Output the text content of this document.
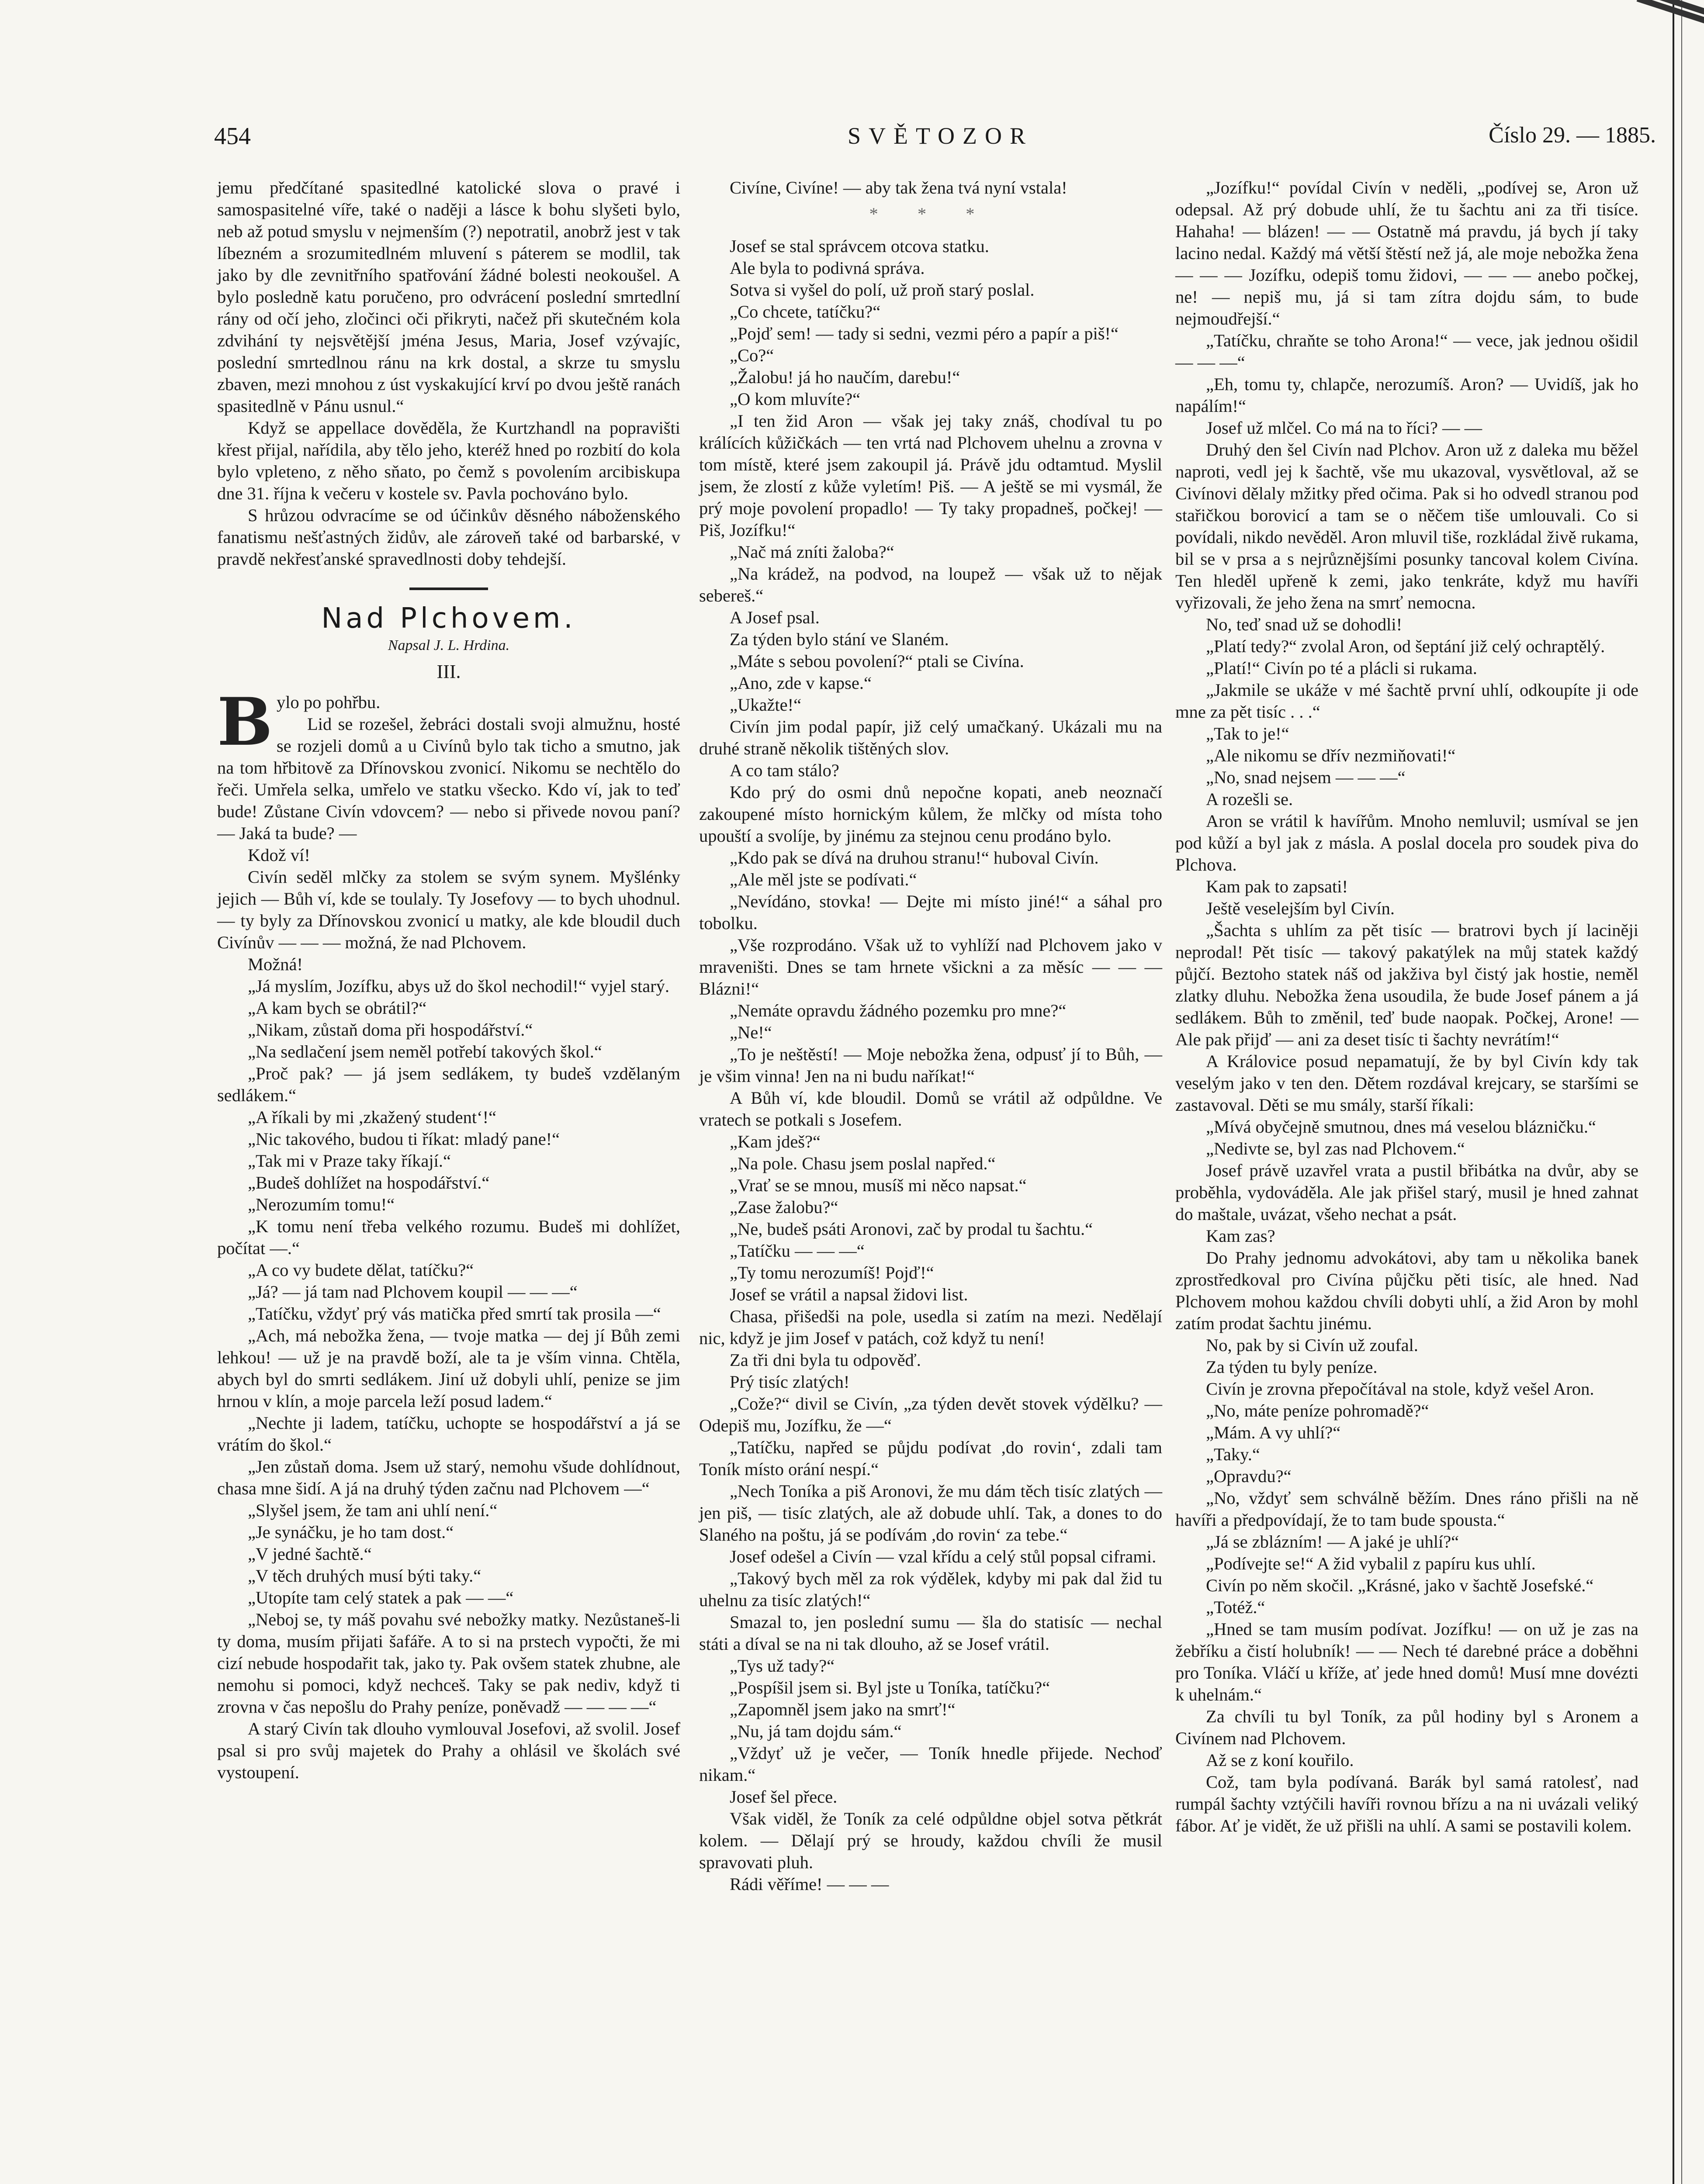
454	SVĚTOZOR	Číslo 29. — 1885.

jemu předčítané spasitedlné katolické slova o pravé i samospasitelné víře, také o naději a lásce k bohu slyšeti bylo, neb až potud smyslu v nejmenším (?) nepotratil, anobrž jest v tak líbezném a srozumitedlném mluvení s páterem se modlil, tak jako by dle zevnitřního spatřování žádné bolesti neokoušel. A bylo posledně katu poručeno, pro odvrácení poslední smrtedlní rány od očí jeho, zločinci oči přikryti, načež při skutečném kola zdvihání ty nejsvětější jména Jesus, Maria, Josef vzývajíc, poslední smrtedlnou ránu na krk dostal, a skrze tu smyslu zbaven, mezi mnohou z úst vyskakující krví po dvou ještě ranách spasitedlně v Pánu usnul.“

Když se appellace dověděla, že Kurtzhandl na popravišti křest přijal, nařídila, aby tělo jeho, kteréž hned po rozbití do kola bylo vpleteno, z něho sňato, po čemž s povolením arcibiskupa dne 31. října k večeru v kostele sv. Pavla pochováno bylo.

S hrůzou odvracíme se od účinkův děsného náboženského fanatismu nešťastných židův, ale zároveň také od barbarské, v pravdě nekřesťanské spravedlnosti doby tehdejší.

Nad Plchovem.
Napsal J. L. Hrdina.
III.

Bylo po pohřbu.

Lid se rozešel, žebráci dostali svoji almužnu, hosté se rozjeli domů a u Civínů bylo tak ticho a smutno, jak na tom hřbitově za Dřínovskou zvonicí. Nikomu se nechtělo do řeči. Umřela selka, umřelo ve statku všecko. Kdo ví, jak to teď bude! Zůstane Civín vdovcem? — nebo si přivede novou paní? — Jaká ta bude? —

Kdož ví!

Civín seděl mlčky za stolem se svým synem. Myšlénky jejich — Bůh ví, kde se toulaly. Ty Josefovy — to bych uhodnul. — ty byly za Dřínovskou zvonicí u matky, ale kde bloudil duch Civínův — — — možná, že nad Plchovem.

Možná!

„Já myslím, Jozífku, abys už do škol nechodil!“ vyjel starý.

„A kam bych se obrátil?“

„Nikam, zůstaň doma při hospodářství.“

„Na sedlačení jsem neměl potřebí takových škol.“

„Proč pak? — já jsem sedlákem, ty budeš vzdělaným sedlákem.“

„A říkali by mi ,zkažený student‘!“

„Nic takového, budou ti říkat: mladý pane!“

„Tak mi v Praze taky říkají.“

„Budeš dohlížet na hospodářství.“

„Nerozumím tomu!“

„K tomu není třeba velkého rozumu. Budeš mi dohlížet, počítat —.“

„A co vy budete dělat, tatíčku?“

„Já? — já tam nad Plchovem koupil — — —“

„Tatíčku, vždyť prý vás matička před smrtí tak prosila —“

„Ach, má nebožka žena, — tvoje matka — dej jí Bůh zemi lehkou! — už je na pravdě boží, ale ta je vším vinna. Chtěla, abych byl do smrti sedlákem. Jiní už dobyli uhlí, penize se jim hrnou v klín, a moje parcela leží posud ladem.“

„Nechte ji ladem, tatíčku, uchopte se hospodářství a já se vrátím do škol.“

„Jen zůstaň doma. Jsem už starý, nemohu všude dohlídnout, chasa mne šidí. A já na druhý týden začnu nad Plchovem —“

„Slyšel jsem, že tam ani uhlí není.“

„Je synáčku, je ho tam dost.“

„V jedné šachtě.“

„V těch druhých musí býti taky.“

„Utopíte tam celý statek a pak — —“

„Neboj se, ty máš povahu své nebožky matky. Nezůstaneš-li ty doma, musím přijati šafáře. A to si na prstech vypočti, že mi cizí nebude hospodařit tak, jako ty. Pak ovšem statek zhubne, ale nemohu si pomoci, když nechceš. Taky se pak nediv, když ti zrovna v čas nepošlu do Prahy peníze, poněvadž — — — —“

A starý Civín tak dlouho vymlouval Josefovi, až svolil. Josef psal si pro svůj majetek do Prahy a ohlásil ve školách své vystoupení.

Civíne, Civíne! — aby tak žena tvá nyní vstala!

* * *

Josef se stal správcem otcova statku.

Ale byla to podivná správa.

Sotva si vyšel do polí, už proň starý poslal.

„Co chcete, tatíčku?“

„Pojď sem! — tady si sedni, vezmi péro a papír a piš!“

„Co?“

„Žalobu! já ho naučím, darebu!“

„O kom mluvíte?“

„I ten žid Aron — však jej taky znáš, chodíval tu po králících kůžičkách — ten vrtá nad Plchovem uhelnu a zrovna v tom místě, které jsem zakoupil já. Právě jdu odtamtud. Myslil jsem, že zlostí z kůže vyletím! Piš. — A ještě se mi vysmál, že prý moje povolení propadlo! — Ty taky propadneš, počkej! — Piš, Jozífku!“

„Nač má zníti žaloba?“

„Na krádež, na podvod, na loupež — však už to nějak sebereš.“

A Josef psal.

Za týden bylo stání ve Slaném.

„Máte s sebou povolení?“ ptali se Civína.

„Ano, zde v kapse.“

„Ukažte!“

Civín jim podal papír, již celý umačkaný. Ukázali mu na druhé straně několik tištěných slov.

A co tam stálo?

Kdo prý do osmi dnů nepočne kopati, aneb neoznačí zakoupené místo hornickým kůlem, že mlčky od místa toho upouští a svolíje, by jinému za stejnou cenu prodáno bylo.

„Kdo pak se dívá na druhou stranu!“ huboval Civín.

„Ale měl jste se podívati.“

„Nevídáno, stovka! — Dejte mi místo jiné!“ a sáhal pro tobolku.

„Vše rozprodáno. Však už to vyhlíží nad Plchovem jako v mraveništi. Dnes se tam hrnete všickni a za měsíc — — — Blázni!“

„Nemáte opravdu žádného pozemku pro mne?“

„Ne!“

„To je neštěstí! — Moje nebožka žena, odpusť jí to Bůh, — je všim vinna! Jen na ni budu naříkat!“

A Bůh ví, kde bloudil. Domů se vrátil až odpůldne. Ve vratech se potkali s Josefem.

„Kam jdeš?“

„Na pole. Chasu jsem poslal napřed.“

„Vrať se se mnou, musíš mi něco napsat.“

„Zase žalobu?“

„Ne, budeš psáti Aronovi, zač by prodal tu šachtu.“

„Tatíčku — — —“

„Ty tomu nerozumíš! Pojď!“

Josef se vrátil a napsal židovi list.

Chasa, přišedši na pole, usedla si zatím na mezi. Nedělají nic, když je jim Josef v patách, což když tu není!

Za tři dni byla tu odpověď.

Prý tisíc zlatých!

„Cože?“ divil se Civín, „za týden devět stovek výdělku? — Odepiš mu, Jozífku, že —“

„Tatíčku, napřed se půjdu podívat ,do rovin‘, zdali tam Toník místo orání nespí.“

„Nech Toníka a piš Aronovi, že mu dám těch tisíc zlatých — jen piš, — tisíc zlatých, ale až dobude uhlí. Tak, a dones to do Slaného na poštu, já se podívám ,do rovin‘ za tebe.“

Josef odešel a Civín — vzal křídu a celý stůl popsal ciframi.

„Takový bych měl za rok výdělek, kdyby mi pak dal žid tu uhelnu za tisíc zlatých!“

Smazal to, jen poslední sumu — šla do statisíc — nechal státi a díval se na ni tak dlouho, až se Josef vrátil.

„Tys už tady?“

„Pospíšil jsem si. Byl jste u Toníka, tatíčku?“

„Zapomněl jsem jako na smrť!“

„Nu, já tam dojdu sám.“

„Vždyť už je večer, — Toník hnedle přijede. Nechoď nikam.“

Josef šel přece.

Však viděl, že Toník za celé odpůldne objel sotva pětkrát kolem. — Dělají prý se hroudy, každou chvíli že musil spravovati pluh.

Rádi věříme! — — —

„Jozífku!“ povídal Civín v neděli, „podívej se, Aron už odepsal. Až prý dobude uhlí, že tu šachtu ani za tři tisíce. Hahaha! — blázen! — — Ostatně má pravdu, já bych jí taky lacino nedal. Každý má větší štěstí než já, ale moje nebožka žena — — — Jozífku, odepiš tomu židovi, — — — anebo počkej, ne! — nepiš mu, já si tam zítra dojdu sám, to bude nejmoudřejší.“

„Tatíčku, chraňte se toho Arona!“ — vece, jak jednou ošidil — — —“

„Eh, tomu ty, chlapče, nerozumíš. Aron? — Uvidíš, jak ho napálím!“

Josef už mlčel. Co má na to říci? — —

Druhý den šel Civín nad Plchov. Aron už z daleka mu běžel naproti, vedl jej k šachtě, vše mu ukazoval, vysvětloval, až se Civínovi dělaly mžitky před očima. Pak si ho odvedl stranou pod stařičkou borovicí a tam se o něčem tiše umlouvali. Co si povídali, nikdo nevěděl. Aron mluvil tiše, rozkládal živě rukama, bil se v prsa a s nejrůznějšími posunky tancoval kolem Civína. Ten hleděl upřeně k zemi, jako tenkráte, když mu havíři vyřizovali, že jeho žena na smrť nemocna.

No, teď snad už se dohodli!

„Platí tedy?“ zvolal Aron, od šeptání již celý ochraptělý.

„Platí!“ Civín po té a plácli si rukama.

„Jakmile se ukáže v mé šachtě první uhlí, odkoupíte ji ode mne za pět tisíc . . .“

„Tak to je!“

„Ale nikomu se dřív nezmiňovati!“

„No, snad nejsem — — —“

A rozešli se.

Aron se vrátil k havířům. Mnoho nemluvil; usmíval se jen pod kůží a byl jak z másla. A poslal docela pro soudek piva do Plchova.

Kam pak to zapsati!

Ještě veselejším byl Civín.

„Šachta s uhlím za pět tisíc — bratrovi bych jí laciněji neprodal! Pět tisíc — takový pakatýlek na můj statek každý půjčí. Beztoho statek náš od jakživa byl čistý jak hostie, neměl zlatky dluhu. Nebožka žena usoudila, že bude Josef pánem a já sedlákem. Bůh to změnil, teď bude naopak. Počkej, Arone! — Ale pak přijď — ani za deset tisíc ti šachty nevrátím!“

A Královice posud nepamatují, že by byl Civín kdy tak veselým jako v ten den. Dětem rozdával krejcary, se staršími se zastavoval. Děti se mu smály, starší říkali:

„Mívá obyčejně smutnou, dnes má veselou blázničku.“

„Nedivte se, byl zas nad Plchovem.“

Josef právě uzavřel vrata a pustil břibátka na dvůr, aby se proběhla, vydováděla. Ale jak přišel starý, musil je hned zahnat do maštale, uvázat, všeho nechat a psát.

Kam zas?

Do Prahy jednomu advokátovi, aby tam u několika banek zprostředkoval pro Civína půjčku pěti tisíc, ale hned. Nad Plchovem mohou každou chvíli dobyti uhlí, a žid Aron by mohl zatím prodat šachtu jinému.

No, pak by si Civín už zoufal.

Za týden tu byly peníze.

Civín je zrovna přepočítával na stole, když vešel Aron.

„No, máte peníze pohromadě?“

„Mám. A vy uhlí?“

„Taky.“

„Opravdu?“

„No, vždyť sem schválně běžím. Dnes ráno přišli na ně havíři a předpovídají, že to tam bude spousta.“

„Já se zblázním! — A jaké je uhlí?“

„Podívejte se!“ A žid vybalil z papíru kus uhlí.

Civín po něm skočil. „Krásné, jako v šachtě Josefské.“

„Totéž.“

„Hned se tam musím podívat. Jozífku! — on už je zas na žebříku a čistí holubník! — — Nech té darebné práce a doběhni pro Toníka. Vláčí u kříže, ať jede hned domů! Musí mne dovézti k uhelnám.“

Za chvíli tu byl Toník, za půl hodiny byl s Aronem a Civínem nad Plchovem.

Až se z koní kouřilo.

Což, tam byla podívaná. Barák byl samá ratolesť, nad rumpál šachty vztýčili havíři rovnou břízu a na ni uvázali veliký fábor. Ať je vidět, že už přišli na uhlí. A sami se postavili kolem.
